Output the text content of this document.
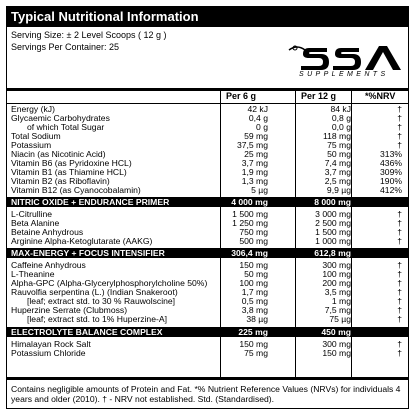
Typical Nutritional Information
Serving Size: ± 2 Level Scoops ( 12 g )
Servings Per Container: 25
SUPPLEMENTS
Per 6 g	Per 12 g	*%NRV
Energy (kJ)	42 kJ	84 kJ	†
Glycaemic Carbohydrates	0,4 g	0,8 g	†
of which Total Sugar	0 g	0,0 g	†
Total Sodium	59 mg	118 mg	†
Potassium	37,5 mg	75 mg	†
Niacin (as Nicotinic Acid)	25 mg	50 mg	313%
Vitamin B6 (as Pyridoxine HCL)	3,7 mg	7,4 mg	436%
Vitamin B1 (as Thiamine HCL)	1,9 mg	3,7 mg	309%
Vitamin B2 (as Riboflavin)	1,3 mg	2,5 mg	190%
Vitamin B12 (as Cyanocobalamin)	5 µg	9,9 µg	412%
NITRIC OXIDE + ENDURANCE PRIMER	4 000 mg	8 000 mg
L-Citrulline	1 500 mg	3 000 mg	†
Beta Alanine	1 250 mg	2 500 mg	†
Betaine Anhydrous	750 mg	1 500 mg	†
Arginine Alpha-Ketoglutarate (AAKG)	500 mg	1 000 mg	†
MAX-ENERGY + FOCUS INTENSIFIER	306,4 mg	612,8 mg
Caffeine Anhydrous	150 mg	300 mg	†
L-Theanine	50 mg	100 mg	†
Alpha-GPC (Alpha-Glycerylphosphorylcholine 50%)	100 mg	200 mg	†
Rauvolfia serpentina (L.) (Indian Snakeroot)	1,7 mg	3,5 mg	†
[leaf; extract std. to 30 % Rauwolscine]	0,5 mg	1 mg	†
Huperzine Serrate (Clubmoss)	3,8 mg	7,5 mg	†
[leaf; extract std. to 1% Huperzine-A]	38 µg	75 µg	†
ELECTROLYTE BALANCE COMPLEX	225 mg	450 mg
Himalayan Rock Salt	150 mg	300 mg	†
Potassium Chloride	75 mg	150 mg	†
Contains negligible amounts of Protein and Fat. *% Nutrient Reference Values (NRVs) for individuals 4 years and older (2010). † - NRV not established. Std. (Standardised).
